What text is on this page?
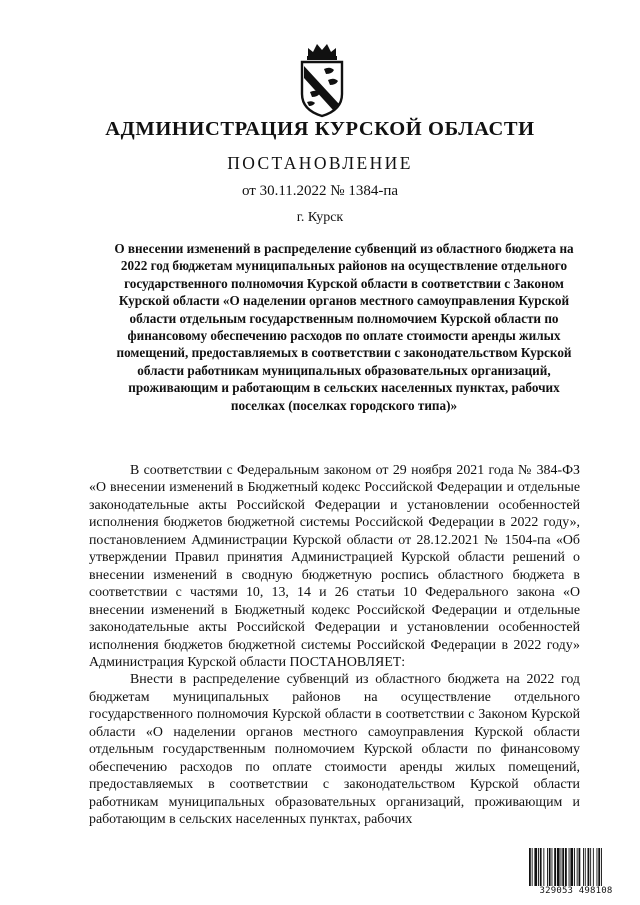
АДМИНИСТРАЦИЯ КУРСКОЙ ОБЛАСТИ
ПОСТАНОВЛЕНИЕ
от 30.11.2022 № 1384-па
г. Курск
О внесении изменений в распределение субвенций из областного бюджета на 2022 год бюджетам муниципальных районов на осуществление отдельного государственного полномочия Курской области в соответствии с Законом Курской области «О наделении органов местного самоуправления Курской области отдельным государственным полномочием Курской области по финансовому обеспечению расходов по оплате стоимости аренды жилых помещений, предоставляемых в соответствии с законодательством Курской области работникам муниципальных образовательных организаций, проживающим и работающим в сельских населенных пунктах, рабочих поселках (поселках городского типа)»

В соответствии с Федеральным законом от 29 ноября 2021 года № 384-ФЗ «О внесении изменений в Бюджетный кодекс Российской Федерации и отдельные законодательные акты Российской Федерации и установлении особенностей исполнения бюджетов бюджетной системы Российской Федерации в 2022 году», постановлением Администрации Курской области от 28.12.2021 № 1504-па «Об утверждении Правил принятия Администрацией Курской области решений о внесении изменений в сводную бюджетную роспись областного бюджета в соответствии с частями 10, 13, 14 и 26 статьи 10 Федерального закона «О внесении изменений в Бюджетный кодекс Российской Федерации и отдельные законодательные акты Российской Федерации и установлении особенностей исполнения бюджетов бюджетной системы Российской Федерации в 2022 году» Администрация Курской области ПОСТАНОВЛЯЕТ:

Внести в распределение субвенций из областного бюджета на 2022 год бюджетам муниципальных районов на осуществление отдельного государственного полномочия Курской области в соответствии с Законом Курской области «О наделении органов местного самоуправления Курской области отдельным государственным полномочием Курской области по финансовому обеспечению расходов по оплате стоимости аренды жилых помещений, предоставляемых в соответствии с законодательством Курской области работникам муниципальных образовательных организаций, проживающим и работающим в сельских населенных пунктах, рабочих

329053 498108
